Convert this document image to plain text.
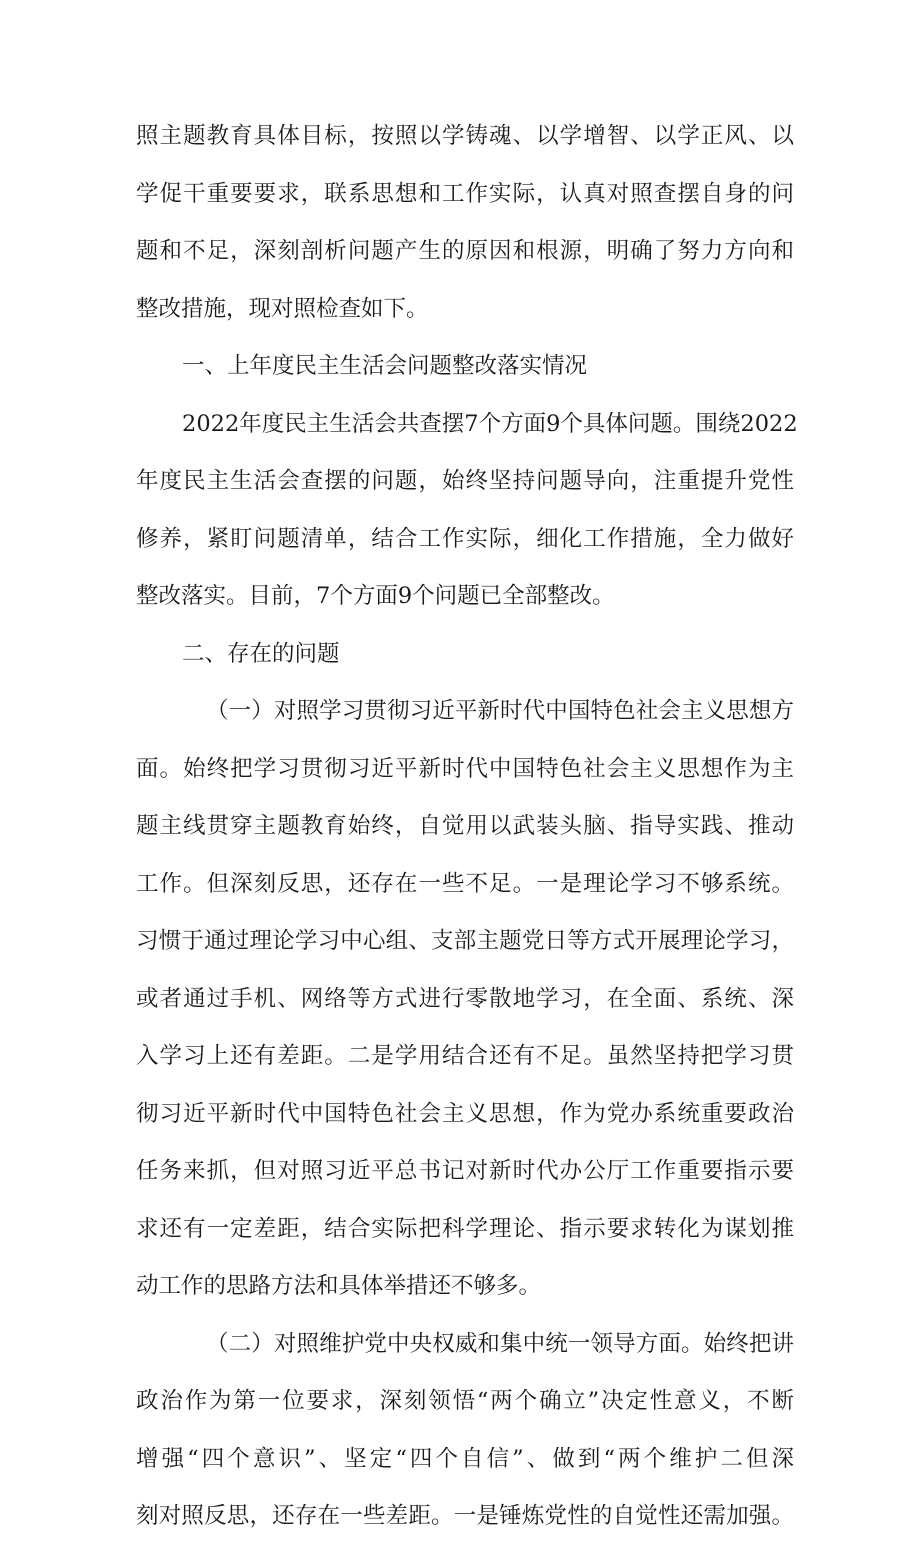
照主题教育具体目标，按照以学铸魂、以学增智、以学正风、以
学促干重要要求，联系思想和工作实际，认真对照查摆自身的问
题和不足，深刻剖析问题产生的原因和根源，明确了努力方向和
整改措施，现对照检查如下。
一、上年度民主生活会问题整改落实情况
2022年度民主生活会共查摆7个方面9个具体问题。围绕2022
年度民主生活会查摆的问题，始终坚持问题导向，注重提升党性
修养，紧盯问题清单，结合工作实际，细化工作措施，全力做好
整改落实。目前，7个方面9个问题已全部整改。
二、存在的问题
（一）对照学习贯彻习近平新时代中国特色社会主义思想方
面。始终把学习贯彻习近平新时代中国特色社会主义思想作为主
题主线贯穿主题教育始终，自觉用以武装头脑、指导实践、推动
工作。但深刻反思，还存在一些不足。一是理论学习不够系统。
习惯于通过理论学习中心组、支部主题党日等方式开展理论学习，
或者通过手机、网络等方式进行零散地学习，在全面、系统、深
入学习上还有差距。二是学用结合还有不足。虽然坚持把学习贯
彻习近平新时代中国特色社会主义思想，作为党办系统重要政治
任务来抓，但对照习近平总书记对新时代办公厅工作重要指示要
求还有一定差距，结合实际把科学理论、指示要求转化为谋划推
动工作的思路方法和具体举措还不够多。
（二）对照维护党中央权威和集中统一领导方面。始终把讲
政治作为第一位要求，深刻领悟“两个确立”决定性意义，不断
增强“四个意识”、坚定“四个自信”、做到“两个维护二但深
刻对照反思，还存在一些差距。一是锤炼党性的自觉性还需加强。
